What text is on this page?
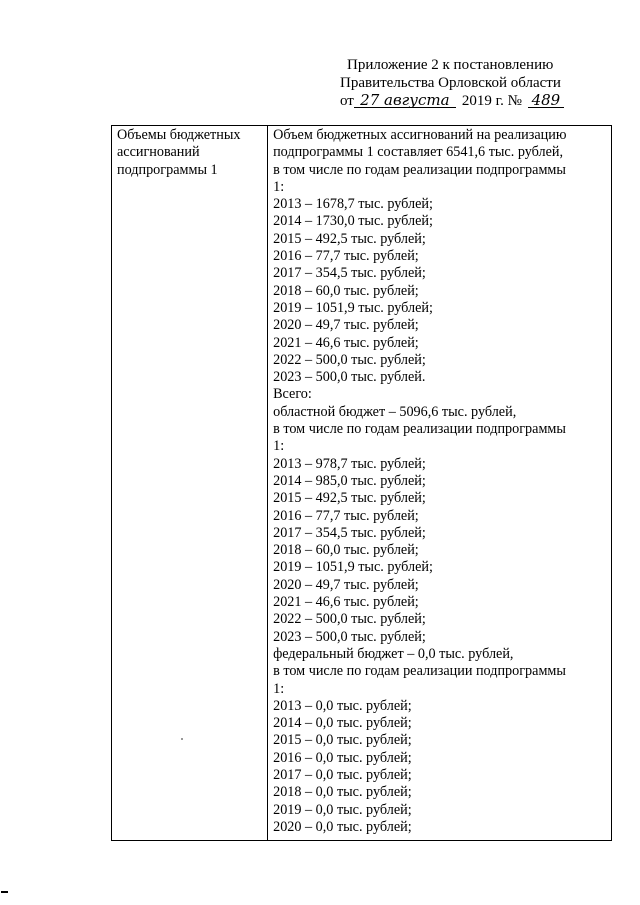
Приложение 2 к постановлению
Правительства Орловской области
от 27 августа 2019 г. № 489
Объемы бюджетных ассигнований подпрограммы 1

Объем бюджетных ассигнований на реализацию
подпрограммы 1 составляет 6541,6 тыс. рублей,
в том числе по годам реализации подпрограммы
1:
2013 – 1678,7 тыс. рублей;
2014 – 1730,0 тыс. рублей;
2015 – 492,5 тыс. рублей;
2016 – 77,7 тыс. рублей;
2017 – 354,5 тыс. рублей;
2018 – 60,0 тыс. рублей;
2019 – 1051,9 тыс. рублей;
2020 – 49,7 тыс. рублей;
2021 – 46,6 тыс. рублей;
2022 – 500,0 тыс. рублей;
2023 – 500,0 тыс. рублей.
Всего:
областной бюджет – 5096,6 тыс. рублей,
в том числе по годам реализации подпрограммы
1:
2013 – 978,7 тыс. рублей;
2014 – 985,0 тыс. рублей;
2015 – 492,5 тыс. рублей;
2016 – 77,7 тыс. рублей;
2017 – 354,5 тыс. рублей;
2018 – 60,0 тыс. рублей;
2019 – 1051,9 тыс. рублей;
2020 – 49,7 тыс. рублей;
2021 – 46,6 тыс. рублей;
2022 – 500,0 тыс. рублей;
2023 – 500,0 тыс. рублей;
федеральный бюджет – 0,0 тыс. рублей,
в том числе по годам реализации подпрограммы
1:
2013 – 0,0 тыс. рублей;
2014 – 0,0 тыс. рублей;
2015 – 0,0 тыс. рублей;
2016 – 0,0 тыс. рублей;
2017 – 0,0 тыс. рублей;
2018 – 0,0 тыс. рублей;
2019 – 0,0 тыс. рублей;
2020 – 0,0 тыс. рублей;
